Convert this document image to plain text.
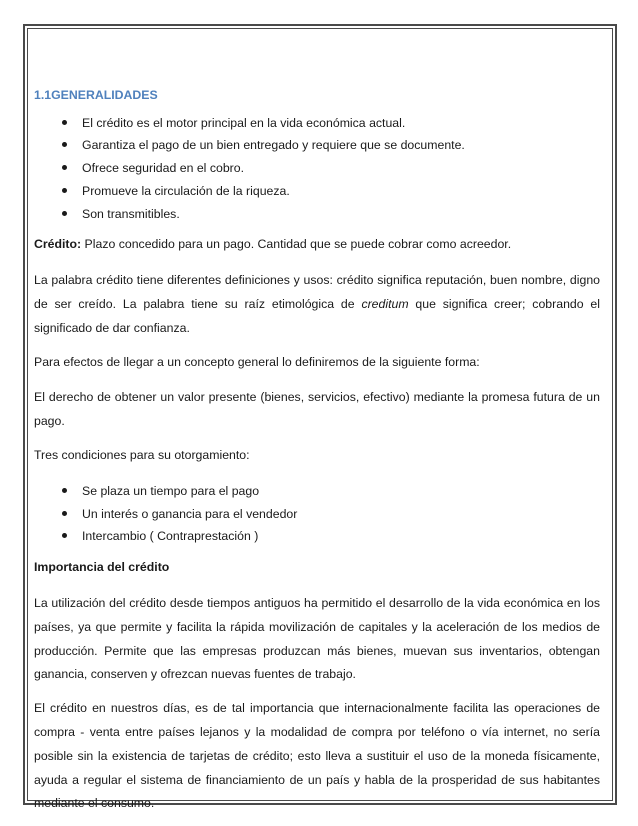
1.1GENERALIDADES
El crédito es el motor principal en la vida económica actual.
Garantiza el pago de un bien entregado y requiere que se documente.
Ofrece seguridad en el cobro.
Promueve la circulación de la riqueza.
Son transmitibles.

Crédito: Plazo concedido para un pago. Cantidad que se puede cobrar como acreedor.

La palabra crédito tiene diferentes definiciones y usos: crédito significa reputación, buen nombre, digno de ser creído. La palabra tiene su raíz etimológica de creditum que significa creer; cobrando el significado de dar confianza.

Para efectos de llegar a un concepto general lo definiremos de la siguiente forma:

El derecho de obtener un valor presente (bienes, servicios, efectivo) mediante la promesa futura de un pago.

Tres condiciones para su otorgamiento:

Se plaza un tiempo para el pago
Un interés o ganancia para el vendedor
Intercambio ( Contraprestación )

Importancia del crédito

La utilización del crédito desde tiempos antiguos ha permitido el desarrollo de la vida económica en los países, ya que permite y facilita la rápida movilización de capitales y la aceleración de los medios de producción. Permite que las empresas produzcan más bienes, muevan sus inventarios, obtengan ganancia, conserven y ofrezcan nuevas fuentes de trabajo.

El crédito en nuestros días, es de tal importancia que internacionalmente facilita las operaciones de compra - venta entre países lejanos y la modalidad de compra por teléfono o vía internet, no sería posible sin la existencia de tarjetas de crédito; esto lleva a sustituir el uso de la moneda físicamente, ayuda a regular el sistema de financiamiento de un país y habla de la prosperidad de sus habitantes mediante el consumo.
